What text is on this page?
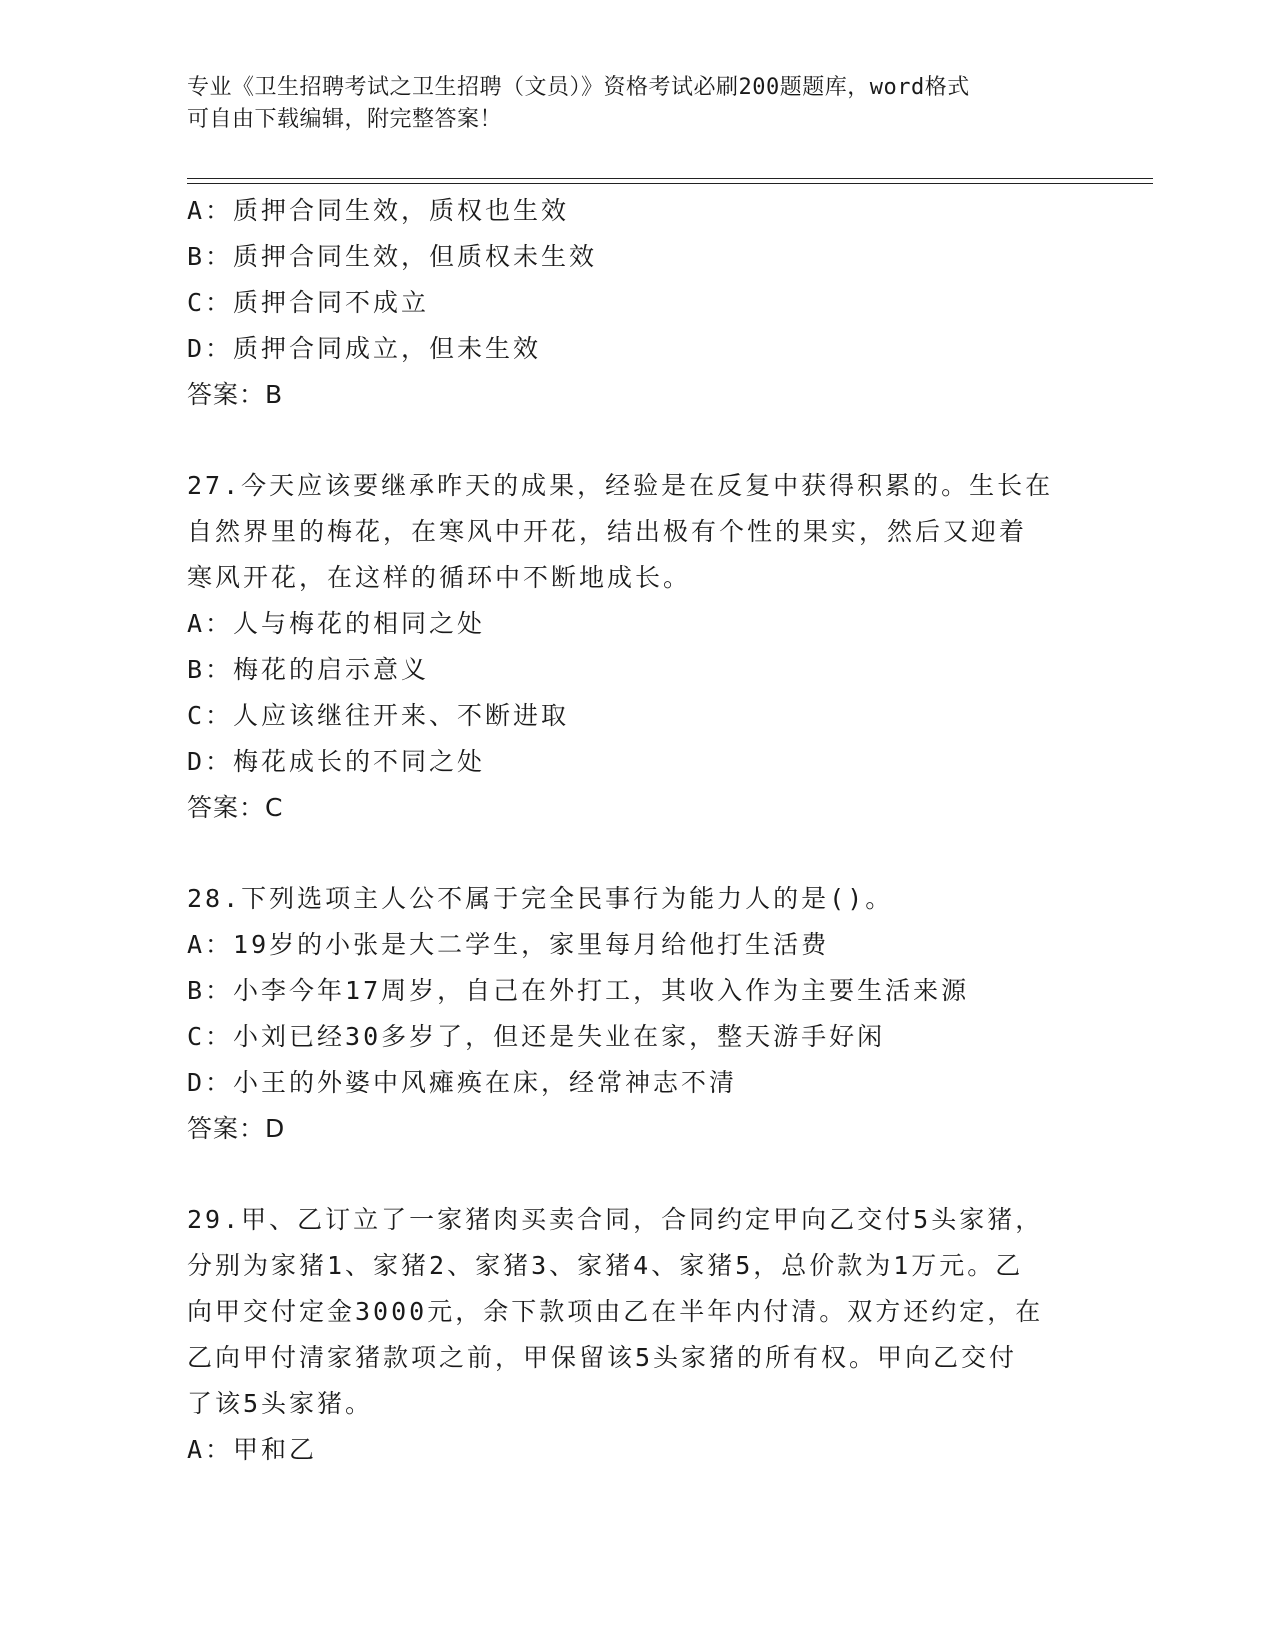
专业《卫生招聘考试之卫生招聘（文员）》资格考试必刷200题题库，word格式
可自由下载编辑，附完整答案！
A：质押合同生效，质权也生效
B：质押合同生效，但质权未生效
C：质押合同不成立
D：质押合同成立，但未生效
答案：B
27.今天应该要继承昨天的成果，经验是在反复中获得积累的。生长在
自然界里的梅花，在寒风中开花，结出极有个性的果实，然后又迎着
寒风开花，在这样的循环中不断地成长。
A：人与梅花的相同之处
B：梅花的启示意义
C：人应该继往开来、不断进取
D：梅花成长的不同之处
答案：C
28.下列选项主人公不属于完全民事行为能力人的是()。
A：19岁的小张是大二学生，家里每月给他打生活费
B：小李今年17周岁，自己在外打工，其收入作为主要生活来源
C：小刘已经30多岁了，但还是失业在家，整天游手好闲
D：小王的外婆中风瘫痪在床，经常神志不清
答案：D
29.甲、乙订立了一家猪肉买卖合同，合同约定甲向乙交付5头家猪，
分别为家猪1、家猪2、家猪3、家猪4、家猪5，总价款为1万元。乙
向甲交付定金3000元，余下款项由乙在半年内付清。双方还约定，在
乙向甲付清家猪款项之前，甲保留该5头家猪的所有权。甲向乙交付
了该5头家猪。
A：甲和乙
